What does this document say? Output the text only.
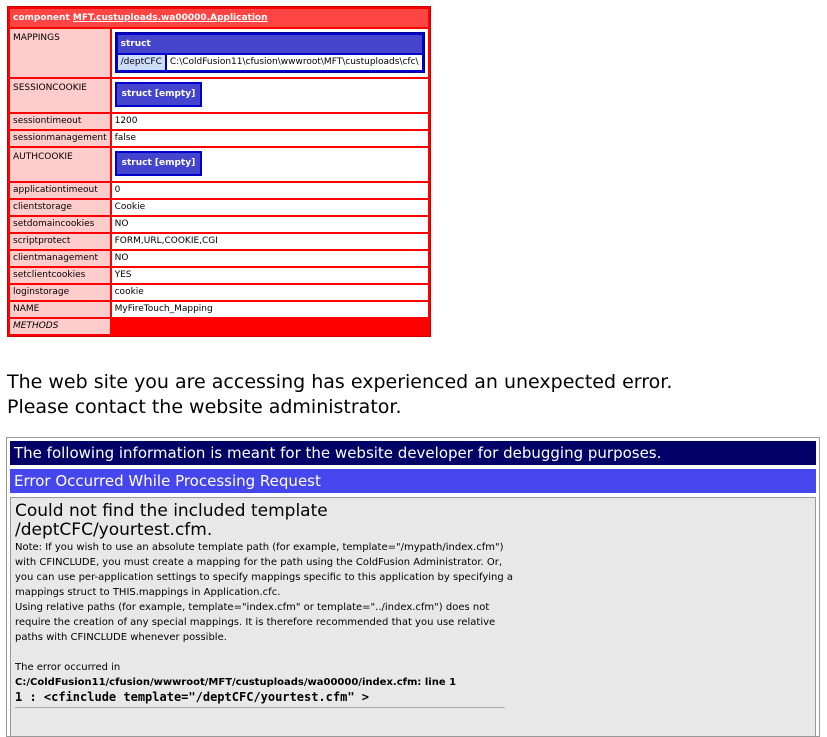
component MFT.custuploads.wa00000.Application
MAPPINGS	
struct
/deptCFC	C:\ColdFusion11\cfusion\wwwroot\MFT\custuploads\cfc\

SESSIONCOOKIE	struct [empty]
sessiontimeout	1200
sessionmanagement	false
AUTHCOOKIE	struct [empty]
applicationtimeout	0
clientstorage	Cookie
setdomaincookies	NO
scriptprotect	FORM,URL,COOKIE,CGI
clientmanagement	NO
setclientcookies	YES
loginstorage	cookie
NAME	MyFireTouch_Mapping
METHODS	
The web site you are accessing has experienced an unexpected error.
Please contact the website administrator.
The following information is meant for the website developer for debugging purposes.
Error Occurred While Processing Request

Could not find the included template /deptCFC/yourtest.cfm.

Note: If you wish to use an absolute template path (for example, template="/mypath/index.cfm") with CFINCLUDE, you must create a mapping for the path using the ColdFusion Administrator. Or, you can use per-application settings to specify mappings specific to this application by specifying a mappings struct to THIS.mappings in Application.cfc.

Using relative paths (for example, template="index.cfm" or template="../index.cfm") does not require the creation of any special mappings. It is therefore recommended that you use relative paths with CFINCLUDE whenever possible.

The error occurred in

C:/ColdFusion11/cfusion/wwwroot/MFT/custuploads/wa00000/index.cfm: line 1

1 : <cfinclude template="/deptCFC/yourtest.cfm" >
